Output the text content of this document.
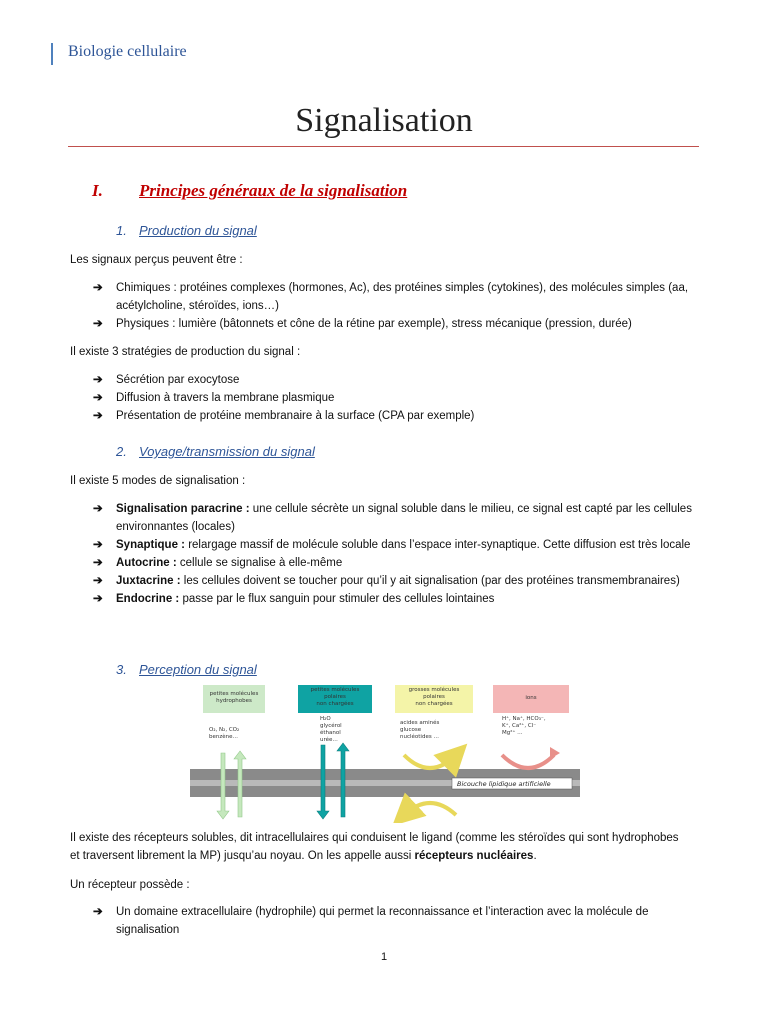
Biologie cellulaire
Signalisation
I. Principes généraux de la signalisation
1. Production du signal
Les signaux perçus peuvent être :
➔ Chimiques : protéines complexes (hormones, Ac), des protéines simples (cytokines), des molécules simples (aa, acétylcholine, stéroïdes, ions…)
➔ Physiques : lumière (bâtonnets et cône de la rétine par exemple), stress mécanique (pression, durée)
Il existe 3 stratégies de production du signal :
➔ Sécrétion par exocytose
➔ Diffusion à travers la membrane plasmique
➔ Présentation de protéine membranaire à la surface (CPA par exemple)
2. Voyage/transmission du signal
Il existe 5 modes de signalisation :
➔ Signalisation paracrine : une cellule sécrète un signal soluble dans le milieu, ce signal est capté par les cellules environnantes (locales)
➔ Synaptique : relargage massif de molécule soluble dans l’espace inter-synaptique. Cette diffusion est très locale
➔ Autocrine : cellule se signalise à elle-même
➔ Juxtacrine : les cellules doivent se toucher pour qu’il y ait signalisation (par des protéines transmembranaires)
➔ Endocrine : passe par le flux sanguin pour stimuler des cellules lointaines
3. Perception du signal
petites molécules
hydrophobes
petites molécules
polaires
non chargées
grosses molécules
polaires
non chargées
ions
O₂, N₂, CO₂
benzène…
H₂O
glycérol
éthanol
urée…
acides aminés
glucose
nucléotides …
H⁺, Na⁺, HCO₃⁻,
K⁺, Ca²⁺, Cl⁻
Mg²⁺ …
Bicouche lipidique artificielle
Il existe des récepteurs solubles, dit intracellulaires qui conduisent le ligand (comme les stéroïdes qui sont hydrophobes et traversent librement la MP) jusqu’au noyau. On les appelle aussi récepteurs nucléaires.
Un récepteur possède :
➔ Un domaine extracellulaire (hydrophile) qui permet la reconnaissance et l’interaction avec la molécule de signalisation
1
